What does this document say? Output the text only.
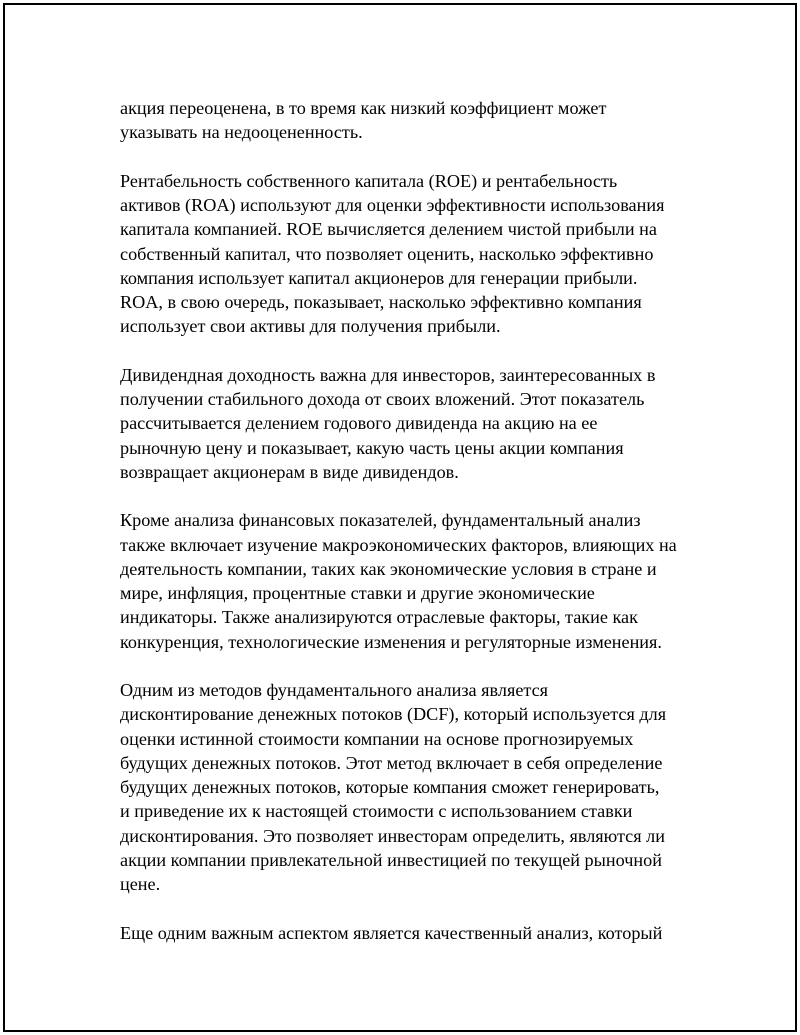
акция переоценена, в то время как низкий коэффициент может
указывать на недооцененность.

Рентабельность собственного капитала (ROE) и рентабельность
активов (ROA) используют для оценки эффективности использования
капитала компанией. ROE вычисляется делением чистой прибыли на
собственный капитал, что позволяет оценить, насколько эффективно
компания использует капитал акционеров для генерации прибыли.
ROA, в свою очередь, показывает, насколько эффективно компания
использует свои активы для получения прибыли.

Дивидендная доходность важна для инвесторов, заинтересованных в
получении стабильного дохода от своих вложений. Этот показатель
рассчитывается делением годового дивиденда на акцию на ее
рыночную цену и показывает, какую часть цены акции компания
возвращает акционерам в виде дивидендов.

Кроме анализа финансовых показателей, фундаментальный анализ
также включает изучение макроэкономических факторов, влияющих на
деятельность компании, таких как экономические условия в стране и
мире, инфляция, процентные ставки и другие экономические
индикаторы. Также анализируются отраслевые факторы, такие как
конкуренция, технологические изменения и регуляторные изменения.

Одним из методов фундаментального анализа является
дисконтирование денежных потоков (DCF), который используется для
оценки истинной стоимости компании на основе прогнозируемых
будущих денежных потоков. Этот метод включает в себя определение
будущих денежных потоков, которые компания сможет генерировать,
и приведение их к настоящей стоимости с использованием ставки
дисконтирования. Это позволяет инвесторам определить, являются ли
акции компании привлекательной инвестицией по текущей рыночной
цене.

Еще одним важным аспектом является качественный анализ, который
